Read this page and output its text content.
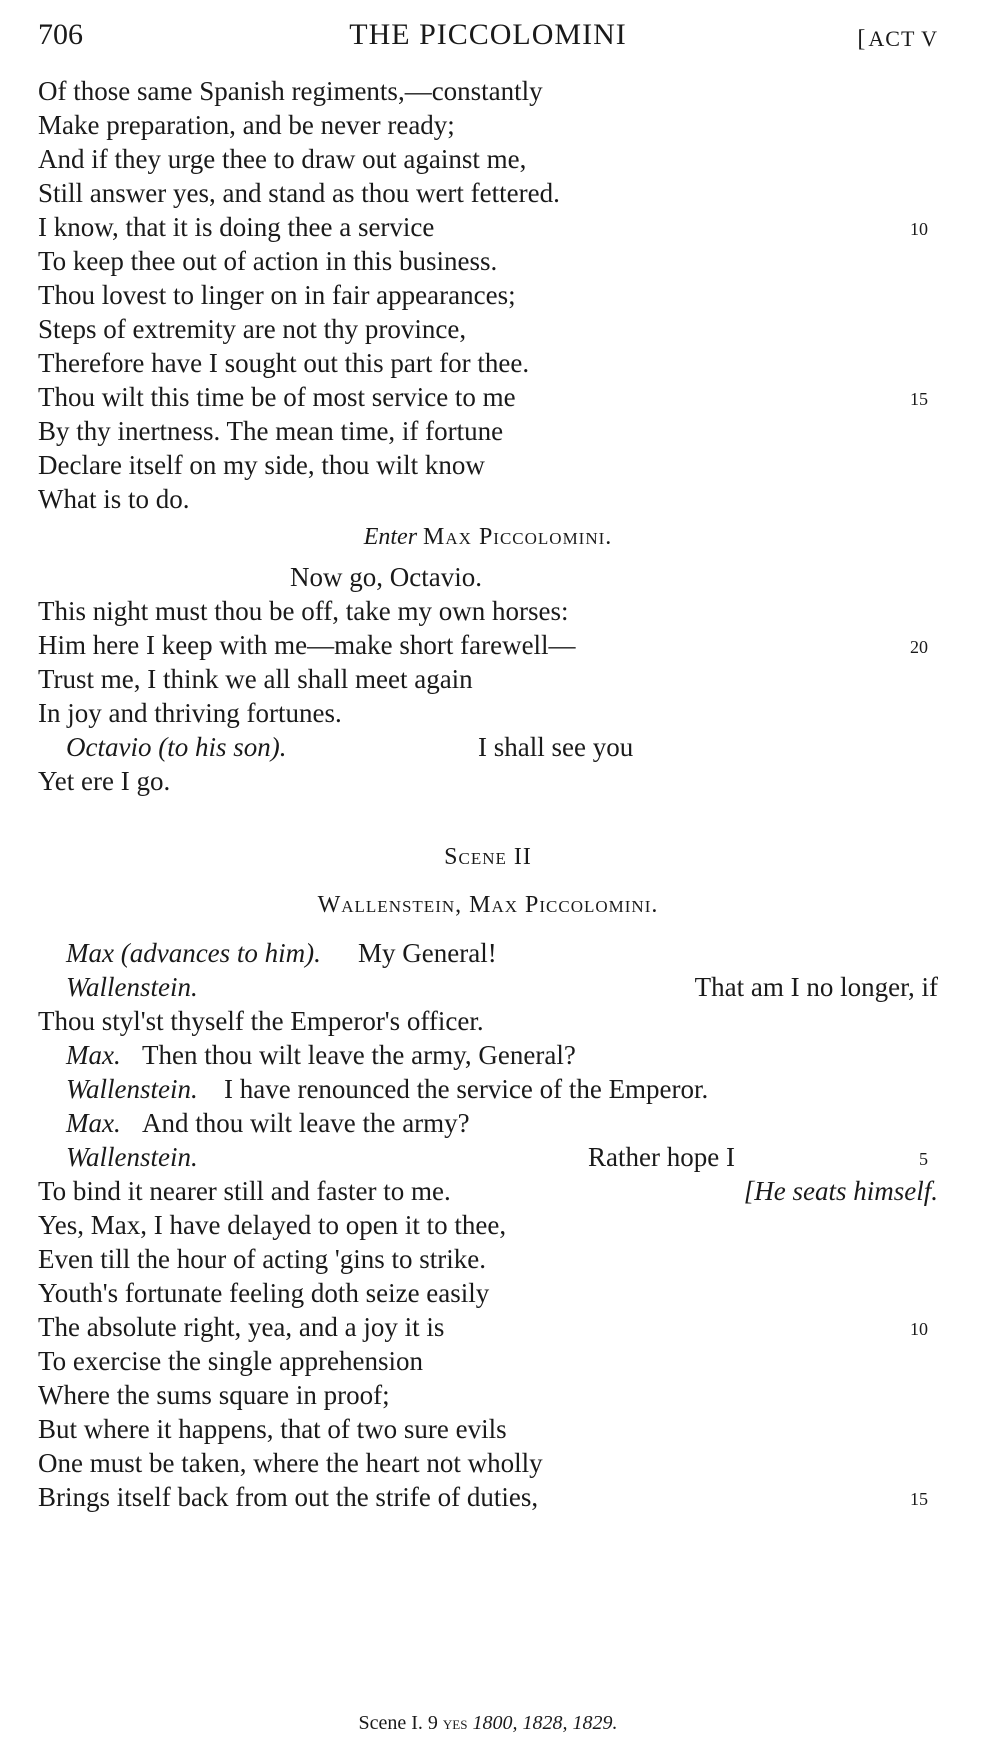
706	THE PICCOLOMINI	[ACT V
Of those same Spanish regiments,—constantly
Make preparation, and be never ready;
And if they urge thee to draw out against me,
Still answer yes, and stand as thou wert fettered.
I know, that it is doing thee a service	10
To keep thee out of action in this business.
Thou lovest to linger on in fair appearances;
Steps of extremity are not thy province,
Therefore have I sought out this part for thee.
Thou wilt this time be of most service to me	15
By thy inertness. The mean time, if fortune
Declare itself on my side, thou wilt know
What is to do.
Enter Max Piccolomini.
Now go, Octavio.
This night must thou be off, take my own horses:
Him here I keep with me—make short farewell—	20
Trust me, I think we all shall meet again
In joy and thriving fortunes.
Octavio (to his son).	I shall see you
Yet ere I go.
Scene II
Wallenstein, Max Piccolomini.
Max (advances to him). My General!
Wallenstein.	That am I no longer, if
Thou styl'st thyself the Emperor's officer.
Max. Then thou wilt leave the army, General?
Wallenstein. I have renounced the service of the Emperor.
Max. And thou wilt leave the army?
Wallenstein.	Rather hope I	5
To bind it nearer still and faster to me.	[He seats himself.
Yes, Max, I have delayed to open it to thee,
Even till the hour of acting 'gins to strike.
Youth's fortunate feeling doth seize easily
The absolute right, yea, and a joy it is	10
To exercise the single apprehension
Where the sums square in proof;
But where it happens, that of two sure evils
One must be taken, where the heart not wholly
Brings itself back from out the strife of duties,	15
Scene I. 9 yes 1800, 1828, 1829.
